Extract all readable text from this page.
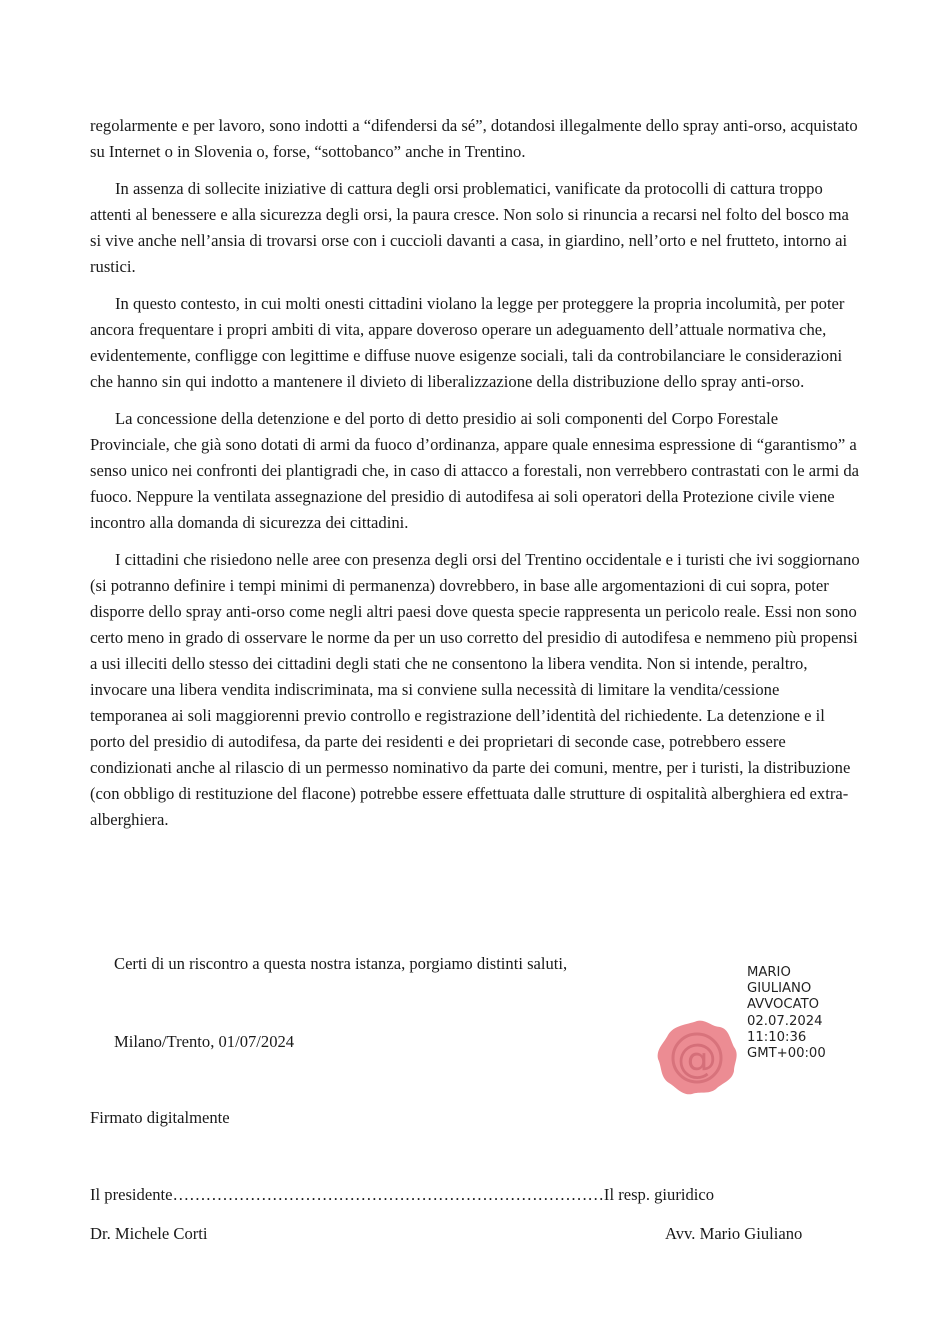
regolarmente e per lavoro, sono indotti a “difendersi da sé”, dotandosi illegalmente dello spray anti-orso, acquistato su Internet o in Slovenia o, forse, “sottobanco” anche in Trentino.

In assenza di sollecite iniziative di cattura degli orsi problematici, vanificate da protocolli di cattura troppo attenti al benessere e alla sicurezza degli orsi, la paura cresce. Non solo si rinuncia a recarsi nel folto del bosco ma si vive anche nell’ansia di trovarsi orse con i cuccioli davanti a casa, in giardino, nell’orto e nel frutteto, intorno ai rustici.

In questo contesto, in cui molti onesti cittadini violano la legge per proteggere la propria incolumità, per poter ancora frequentare i propri ambiti di vita, appare doveroso operare un adeguamento dell’attuale normativa che, evidentemente, confligge con legittime e diffuse nuove esigenze sociali, tali da controbilanciare le considerazioni che hanno sin qui indotto a mantenere il divieto di liberalizzazione della distribuzione dello spray anti-orso.

La concessione della detenzione e del porto di detto presidio ai soli componenti del Corpo Forestale Provinciale, che già sono dotati di armi da fuoco d’ordinanza, appare quale ennesima espressione di “garantismo” a senso unico nei confronti dei plantigradi che, in caso di attacco a forestali, non verrebbero contrastati con le armi da fuoco. Neppure la ventilata assegnazione del presidio di autodifesa ai soli operatori della Protezione civile viene incontro alla domanda di sicurezza dei cittadini.

I cittadini che risiedono nelle aree con presenza degli orsi del Trentino occidentale e i turisti che ivi soggiornano (si potranno definire i tempi minimi di permanenza) dovrebbero, in base alle argomentazioni di cui sopra, poter disporre dello spray anti-orso come negli altri paesi dove questa specie rappresenta un pericolo reale. Essi non sono certo meno in grado di osservare le norme da per un uso corretto del presidio di autodifesa e nemmeno più propensi a usi illeciti dello stesso dei cittadini degli stati che ne consentono la libera vendita. Non si intende, peraltro, invocare una libera vendita indiscriminata, ma si conviene sulla necessità di limitare la vendita/cessione temporanea ai soli maggiorenni previo controllo e registrazione dell’identità del richiedente. La detenzione e il porto del presidio di autodifesa, da parte dei residenti e dei proprietari di seconde case, potrebbero essere condizionati anche al rilascio di un permesso nominativo da parte dei comuni, mentre, per i turisti, la distribuzione (con obbligo di restituzione del flacone) potrebbe essere effettuata dalle strutture di ospitalità alberghiera ed extra-alberghiera.

Certi di un riscontro a questa nostra istanza, porgiamo distinti saluti,
Milano/Trento, 01/07/2024
Firmato digitalmente
Il presidente……………………………………………………………………Il resp. giuridico
Dr. Michele Corti	Avv. Mario Giuliano
@
MARIO
GIULIANO
AVVOCATO
02.07.2024
11:10:36
GMT+00:00
